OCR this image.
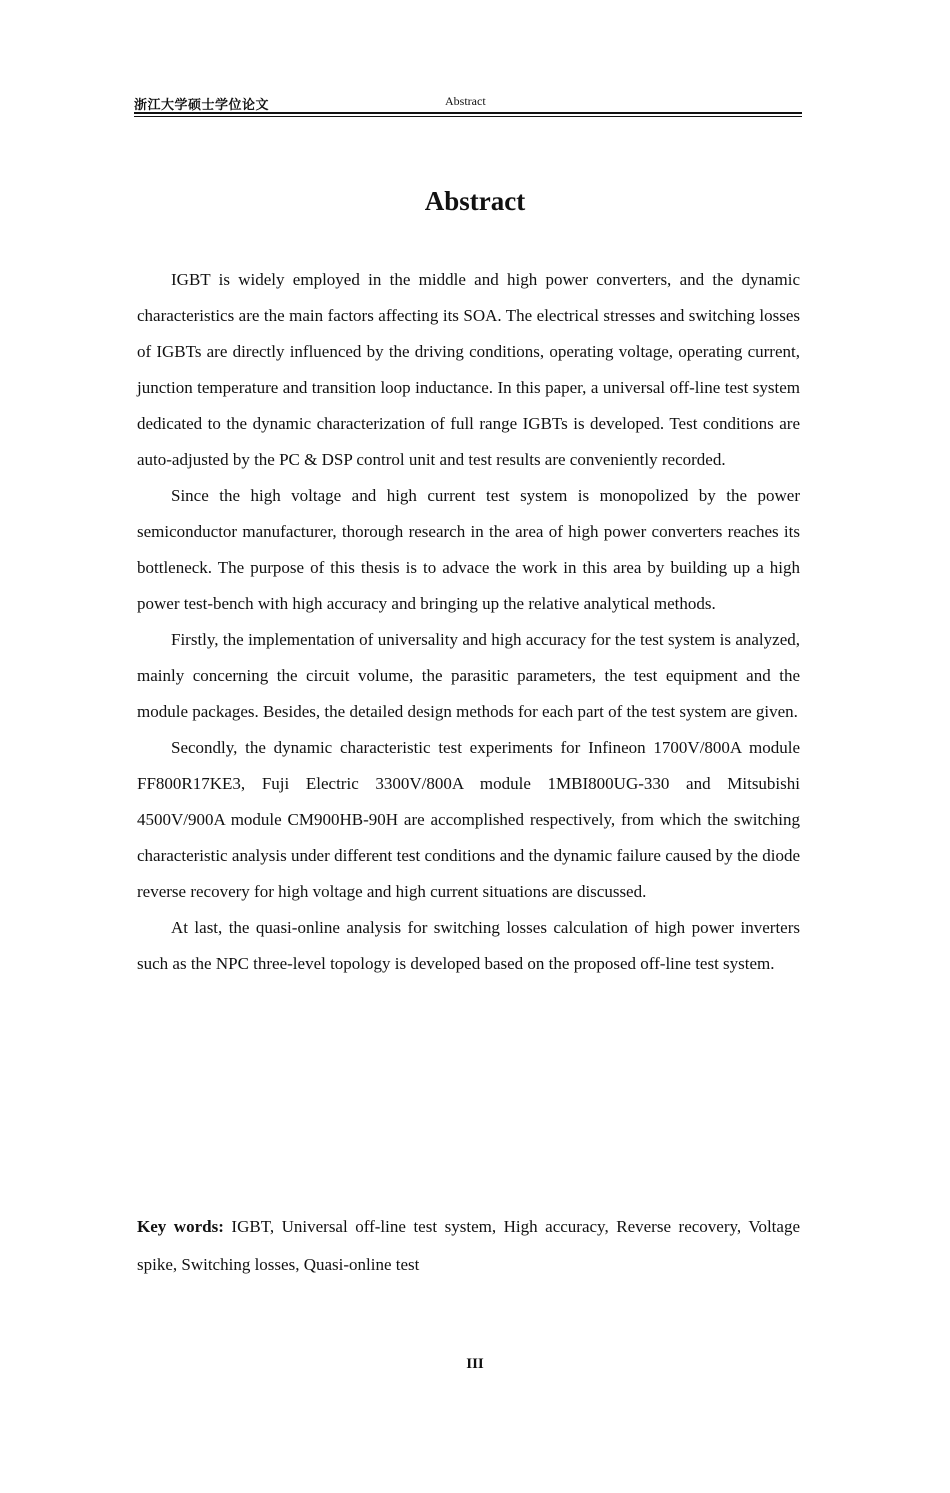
浙江大学硕士学位论文	Abstract
Abstract

IGBT is widely employed in the middle and high power converters, and the dynamic characteristics are the main factors affecting its SOA. The electrical stresses and switching losses of IGBTs are directly influenced by the driving conditions, operating voltage, operating current, junction temperature and transition loop inductance. In this paper, a universal off-line test system dedicated to the dynamic characterization of full range IGBTs is developed. Test conditions are auto-adjusted by the PC & DSP control unit and test results are conveniently recorded.

Since the high voltage and high current test system is monopolized by the power semiconductor manufacturer, thorough research in the area of high power converters reaches its bottleneck. The purpose of this thesis is to advace the work in this area by building up a high power test-bench with high accuracy and bringing up the relative analytical methods.

Firstly, the implementation of universality and high accuracy for the test system is analyzed, mainly concerning the circuit volume, the parasitic parameters, the test equipment and the module packages. Besides, the detailed design methods for each part of the test system are given.

Secondly, the dynamic characteristic test experiments for Infineon 1700V/800A module FF800R17KE3, Fuji Electric 3300V/800A module 1MBI800UG-330 and Mitsubishi 4500V/900A module CM900HB-90H are accomplished respectively, from which the switching characteristic analysis under different test conditions and the dynamic failure caused by the diode reverse recovery for high voltage and high current situations are discussed.

At last, the quasi-online analysis for switching losses calculation of high power inverters such as the NPC three-level topology is developed based on the proposed off-line test system.

Key words: IGBT, Universal off-line test system, High accuracy, Reverse recovery, Voltage spike, Switching losses, Quasi-online test
III
